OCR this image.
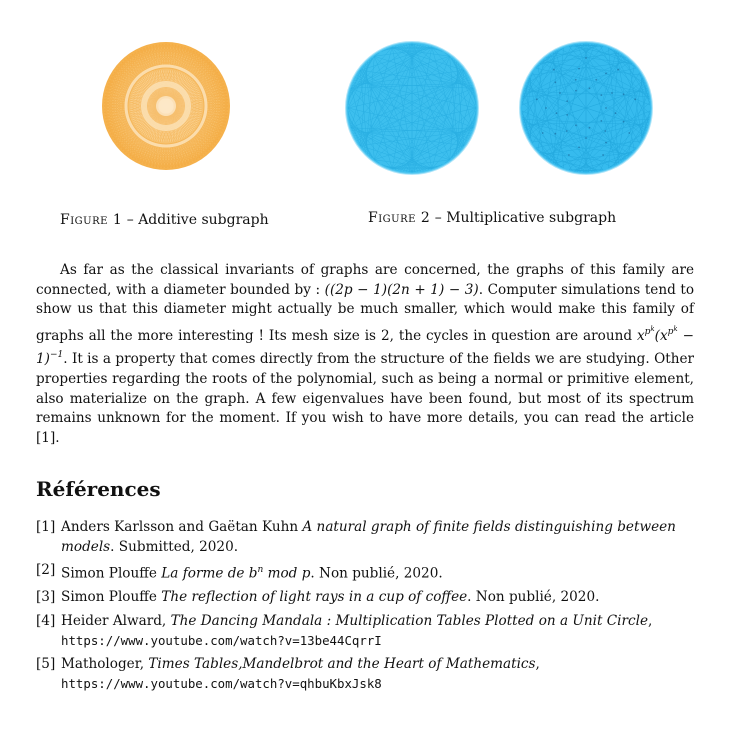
Figure 1 – Additive subgraph	Figure 2 – Multiplicative subgraph

As far as the classical invariants of graphs are concerned, the graphs of this family are connected, with a diameter bounded by : ((2p − 1)(2n + 1) − 3). Computer simulations tend to show us that this diameter might actually be much smaller, which would make this family of graphs all the more interesting ! Its mesh size is 2, the cycles in question are around $x^{p^k}(x^{p^k} - 1)^{-1}$. It is a property that comes directly from the structure of the fields we are studying. Other properties regarding the roots of the polynomial, such as being a normal or primitive element, also materialize on the graph. A few eigenvalues have been found, but most of its spectrum remains unknown for the moment. If you wish to have more details, you can read the article [1].

Références
[1] Anders Karlsson and Gaëtan Kuhn A natural graph of finite fields distinguishing between models. Submitted, 2020.
[2] Simon Plouffe La forme de $b^n$ mod p. Non publié, 2020.
[3] Simon Plouffe The reflection of light rays in a cup of coffee. Non publié, 2020.
[4] Heider Alward, The Dancing Mandala : Multiplication Tables Plotted on a Unit Circle,
https://www.youtube.com/watch?v=13be44CqrrI
[5] Mathologer, Times Tables,Mandelbrot and the Heart of Mathematics,
https://www.youtube.com/watch?v=qhbuKbxJsk8
